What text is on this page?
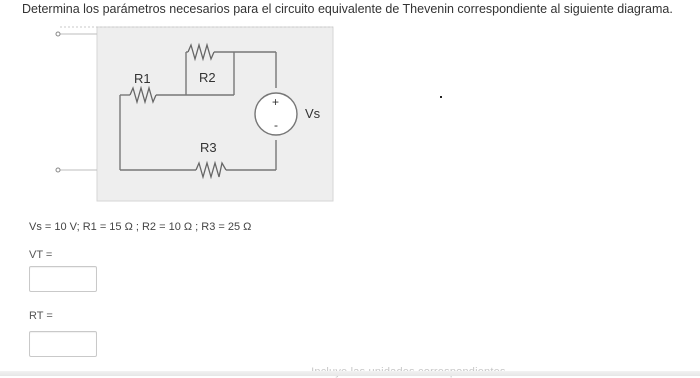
Determina los parámetros necesarios para el circuito equivalente de Thevenin correspondiente al siguiente diagrama.
R1	R2
R3
Vs
+
-
Vs = 10 V; R1 = 15 Ω ; R2 = 10 Ω ; R3 = 25 Ω
VT =
RT =
